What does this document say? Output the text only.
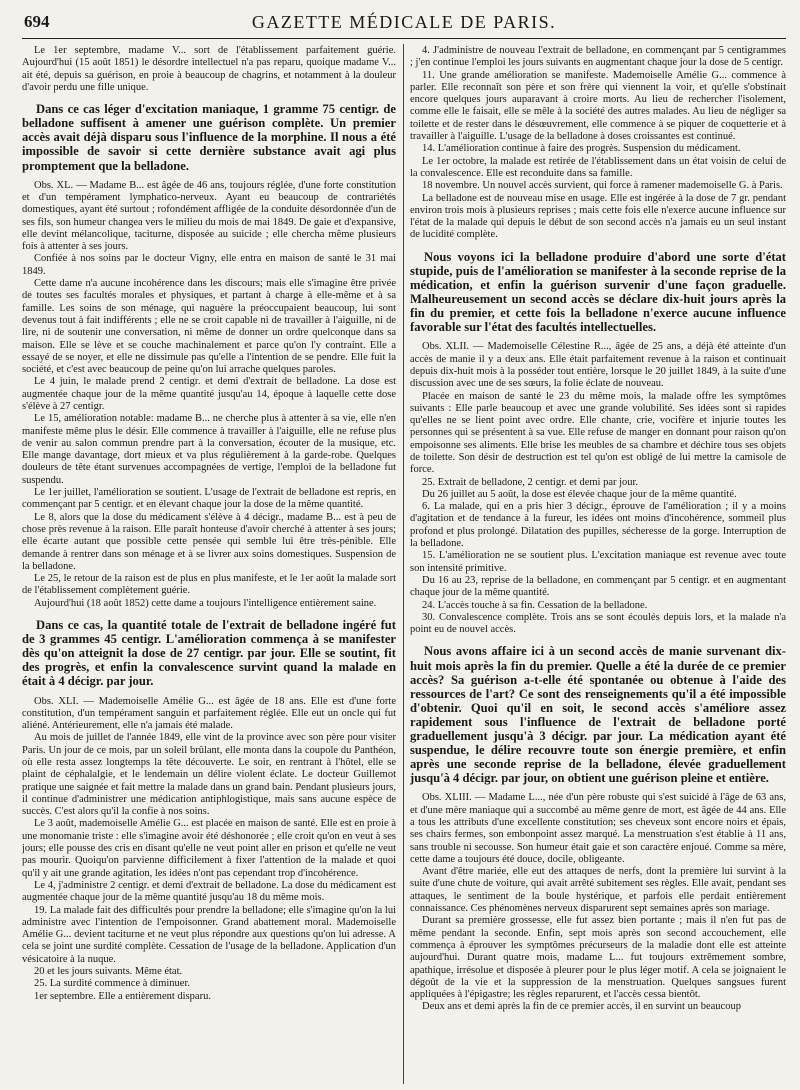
694	GAZETTE MÉDICALE DE PARIS.

Le 1er septembre, madame V... sort de l'établissement parfaitement guérie. Aujourd'hui (15 août 1851) le désordre intellectuel n'a pas reparu, quoique madame V... ait été, depuis sa guérison, en proie à beaucoup de chagrins, et notamment à la douleur d'avoir perdu une fille unique.

Dans ce cas léger d'excitation maniaque, 1 gramme 75 centigr. de belladone suffisent à amener une guérison complète. Un premier accès avait déjà disparu sous l'influence de la morphine. Il nous a été impossible de savoir si cette dernière substance avait agi plus promptement que la belladone.

Obs. XL. — Madame B... est âgée de 46 ans, toujours réglée, d'une forte constitution et d'un tempérament lymphatico-nerveux. Ayant eu beaucoup de contrariétés domestiques, ayant été surtout ; rofondément affligée de la conduite désordonnée d'un de ses fils, son humeur changea vers le milieu du mois de mai 1849. De gaie et d'expansive, elle devint mélancolique, taciturne, disposée au suicide ; elle chercha même plusieurs fois à attenter à ses jours.

Confiée à nos soins par le docteur Vigny, elle entra en maison de santé le 31 mai 1849.

Cette dame n'a aucune incohérence dans les discours; mais elle s'imagine être privée de toutes ses facultés morales et physiques, et partant à charge à elle-même et à sa famille. Les soins de son ménage, qui naguère la préoccupaient beaucoup, lui sont devenus tout à fait indifférents ; elle ne se croit capable ni de travailler à l'aiguille, ni de lire, ni de soutenir une conversation, ni même de donner un ordre quelconque dans sa maison. Elle se lève et se couche machinalement et parce qu'on l'y contraint. Elle a essayé de se noyer, et elle ne dissimule pas qu'elle a l'intention de se pendre. Elle fuit la société, et c'est avec beaucoup de peine qu'on lui arrache quelques paroles.

Le 4 juin, le malade prend 2 centigr. et demi d'extrait de belladone. La dose est augmentée chaque jour de la même quantité jusqu'au 14, époque à laquelle cette dose s'élève à 27 centigr.

Le 15, amélioration notable: madame B... ne cherche plus à attenter à sa vie, elle n'en manifeste même plus le désir. Elle commence à travailler à l'aiguille, elle ne refuse plus de venir au salon commun prendre part à la conversation, écouter de la musique, etc. Elle mange davantage, dort mieux et va plus régulièrement à la garde-robe. Quelques douleurs de tête étant survenues accompagnées de vertige, l'emploi de la belladone fut suspendu.

Le 1er juillet, l'amélioration se soutient. L'usage de l'extrait de belladone est repris, en commençant par 5 centigr. et en élevant chaque jour la dose de la même quantité.

Le 8, alors que la dose du médicament s'élève à 4 décigr., madame B... est à peu de chose près revenue à la raison. Elle paraît honteuse d'avoir cherché à attenter à ses jours; elle écarte autant que possible cette pensée qui semble lui être très-pénible. Elle demande à rentrer dans son ménage et à se livrer aux soins domestiques. Suspension de la belladone.

Le 25, le retour de la raison est de plus en plus manifeste, et le 1er août la malade sort de l'établissement complètement guérie.

Aujourd'hui (18 août 1852) cette dame a toujours l'intelligence entièrement saine.

Dans ce cas, la quantité totale de l'extrait de belladone ingéré fut de 3 grammes 45 centigr. L'amélioration commença à se manifester dès qu'on atteignit la dose de 27 centigr. par jour. Elle se soutint, fit des progrès, et enfin la convalescence survint quand la malade en était à 4 décigr. par jour.

Obs. XLI. — Mademoiselle Amélie G... est âgée de 18 ans. Elle est d'une forte constitution, d'un tempérament sanguin et parfaitement réglée. Elle eut un oncle qui fut aliéné. Antérieurement, elle n'a jamais été malade.

Au mois de juillet de l'année 1849, elle vint de la province avec son père pour visiter Paris. Un jour de ce mois, par un soleil brûlant, elle monta dans la coupole du Panthéon, où elle resta assez longtemps la tête découverte. Le soir, en rentrant à l'hôtel, elle se plaint de céphalalgie, et le lendemain un délire violent éclate. Le docteur Guillemot pratique une saignée et fait mettre la malade dans un grand bain. Pendant plusieurs jours, il continue d'administrer une médication antiphlogistique, mais sans aucune espèce de succès. C'est alors qu'il la confie à nos soins.

Le 3 août, mademoiselle Amélie G... est placée en maison de santé. Elle est en proie à une monomanie triste : elle s'imagine avoir été déshonorée ; elle croit qu'on en veut à ses jours; elle pousse des cris en disant qu'elle ne veut point aller en prison et qu'elle ne veut pas mourir. Quoiqu'on parvienne difficilement à fixer l'attention de la malade et quoi qu'il y ait une grande agitation, les idées n'ont pas cependant trop d'incohérence.

Le 4, j'administre 2 centigr. et demi d'extrait de belladone. La dose du médicament est augmentée chaque jour de la même quantité jusqu'au 18 du même mois.

19. La malade fait des difficultés pour prendre la belladone; elle s'imagine qu'on la lui administre avec l'intention de l'empoisonner. Grand abattement moral. Mademoiselle Amélie G... devient taciturne et ne veut plus répondre aux questions qu'on lui adresse. A cela se joint une surdité complète. Cessation de l'usage de la belladone. Application d'un vésicatoire à la nuque.

20 et les jours suivants. Même état.

25. La surdité commence à diminuer.

1er septembre. Elle a entièrement disparu.

4. J'administre de nouveau l'extrait de belladone, en commençant par 5 centigrammes ; j'en continue l'emploi les jours suivants en augmentant chaque jour la dose de 5 centigr.

11. Une grande amélioration se manifeste. Mademoiselle Amélie G... commence à parler. Elle reconnaît son père et son frère qui viennent la voir, et qu'elle s'obstinait encore quelques jours auparavant à croire morts. Au lieu de rechercher l'isolement, comme elle le faisait, elle se mêle à la société des autres malades. Au lieu de négliger sa toilette et de rester dans le désœuvrement, elle commence à se piquer de coquetterie et à travailler à l'aiguille. L'usage de la belladone à doses croissantes est continué.

14. L'amélioration continue à faire des progrès. Suspension du médicament.

Le 1er octobre, la malade est retirée de l'établissement dans un état voisin de celui de la convalescence. Elle est reconduite dans sa famille.

18 novembre. Un nouvel accès survient, qui force à ramener mademoiselle G. à Paris.

La belladone est de nouveau mise en usage. Elle est ingérée à la dose de 7 gr. pendant environ trois mois à plusieurs reprises ; mais cette fois elle n'exerce aucune influence sur l'état de la malade qui depuis le début de son second accès n'a jamais eu un seul instant de lucidité complète.

Nous voyons ici la belladone produire d'abord une sorte d'état stupide, puis de l'amélioration se manifester à la seconde reprise de la médication, et enfin la guérison survenir d'une façon graduelle. Malheureusement un second accès se déclare dix-huit jours après la fin du premier, et cette fois la belladone n'exerce aucune influence favorable sur l'état des facultés intellectuelles.

Obs. XLII. — Mademoiselle Célestine R..., âgée de 25 ans, a déjà été atteinte d'un accès de manie il y a deux ans. Elle était parfaitement revenue à la raison et continuait depuis dix-huit mois à la posséder tout entière, lorsque le 20 juillet 1849, à la suite d'une discussion avec une de ses sœurs, la folie éclate de nouveau.

Placée en maison de santé le 23 du même mois, la malade offre les symptômes suivants : Elle parle beaucoup et avec une grande volubilité. Ses idées sont si rapides qu'elles ne se lient point avec ordre. Elle chante, crie, vocifère et injurie toutes les personnes qui se présentent à sa vue. Elle refuse de manger en donnant pour raison qu'on empoisonne ses aliments. Elle brise les meubles de sa chambre et déchire tous ses objets de toilette. Son désir de destruction est tel qu'on est obligé de lui mettre la camisole de force.

25. Extrait de belladone, 2 centigr. et demi par jour.

Du 26 juillet au 5 août, la dose est élevée chaque jour de la même quantité.

6. La malade, qui en a pris hier 3 décigr., éprouve de l'amélioration ; il y a moins d'agitation et de tendance à la fureur, les idées ont moins d'incohérence, sommeil plus profond et plus prolongé. Dilatation des pupilles, sécheresse de la gorge. Interruption de la belladone.

15. L'amélioration ne se soutient plus. L'excitation maniaque est revenue avec toute son intensité primitive.

Du 16 au 23, reprise de la belladone, en commençant par 5 centigr. et en augmentant chaque jour de la même quantité.

24. L'accès touche à sa fin. Cessation de la belladone.

30. Convalescence complète. Trois ans se sont écoulés depuis lors, et la malade n'a point eu de nouvel accès.

Nous avons affaire ici à un second accès de manie survenant dix-huit mois après la fin du premier. Quelle a été la durée de ce premier accès? Sa guérison a-t-elle été spontanée ou obtenue à l'aide des ressources de l'art? Ce sont des renseignements qu'il a été impossible d'obtenir. Quoi qu'il en soit, le second accès s'améliore assez rapidement sous l'influence de l'extrait de belladone porté graduellement jusqu'à 3 décigr. par jour. La médication ayant été suspendue, le délire recouvre toute son énergie première, et enfin après une seconde reprise de la belladone, élevée graduellement jusqu'à 4 décigr. par jour, on obtient une guérison pleine et entière.

Obs. XLIII. — Madame L..., née d'un père robuste qui s'est suicidé à l'âge de 63 ans, et d'une mère maniaque qui a succombé au même genre de mort, est âgée de 44 ans. Elle a tous les attributs d'une excellente constitution; ses cheveux sont encore noirs et épais, ses chairs fermes, son embonpoint assez marqué. La menstruation s'est établie à 11 ans, sans trouble ni secousse. Son humeur était gaie et son caractère enjoué. Comme sa mère, cette dame a toujours été douce, docile, obligeante.

Avant d'être mariée, elle eut des attaques de nerfs, dont la première lui survint à la suite d'une chute de voiture, qui avait arrêté subitement ses règles. Elle avait, pendant ses attaques, le sentiment de la boule hystérique, et parfois elle perdait entièrement connaissance. Ces phénomènes nerveux disparurent sept semaines après son mariage.

Durant sa première grossesse, elle fut assez bien portante ; mais il n'en fut pas de même pendant la seconde. Enfin, sept mois après son second accouchement, elle commença à éprouver les symptômes précurseurs de la maladie dont elle est atteinte aujourd'hui. Durant quatre mois, madame L... fut toujours extrêmement sombre, apathique, irrésolue et disposée à pleurer pour le plus léger motif. A cela se joignaient le dégoût de la vie et la suppression de la menstruation. Quelques sangsues furent appliquées à l'épigastre; les règles reparurent, et l'accès cessa bientôt.

Deux ans et demi après la fin de ce premier accès, il en survint un beaucoup
